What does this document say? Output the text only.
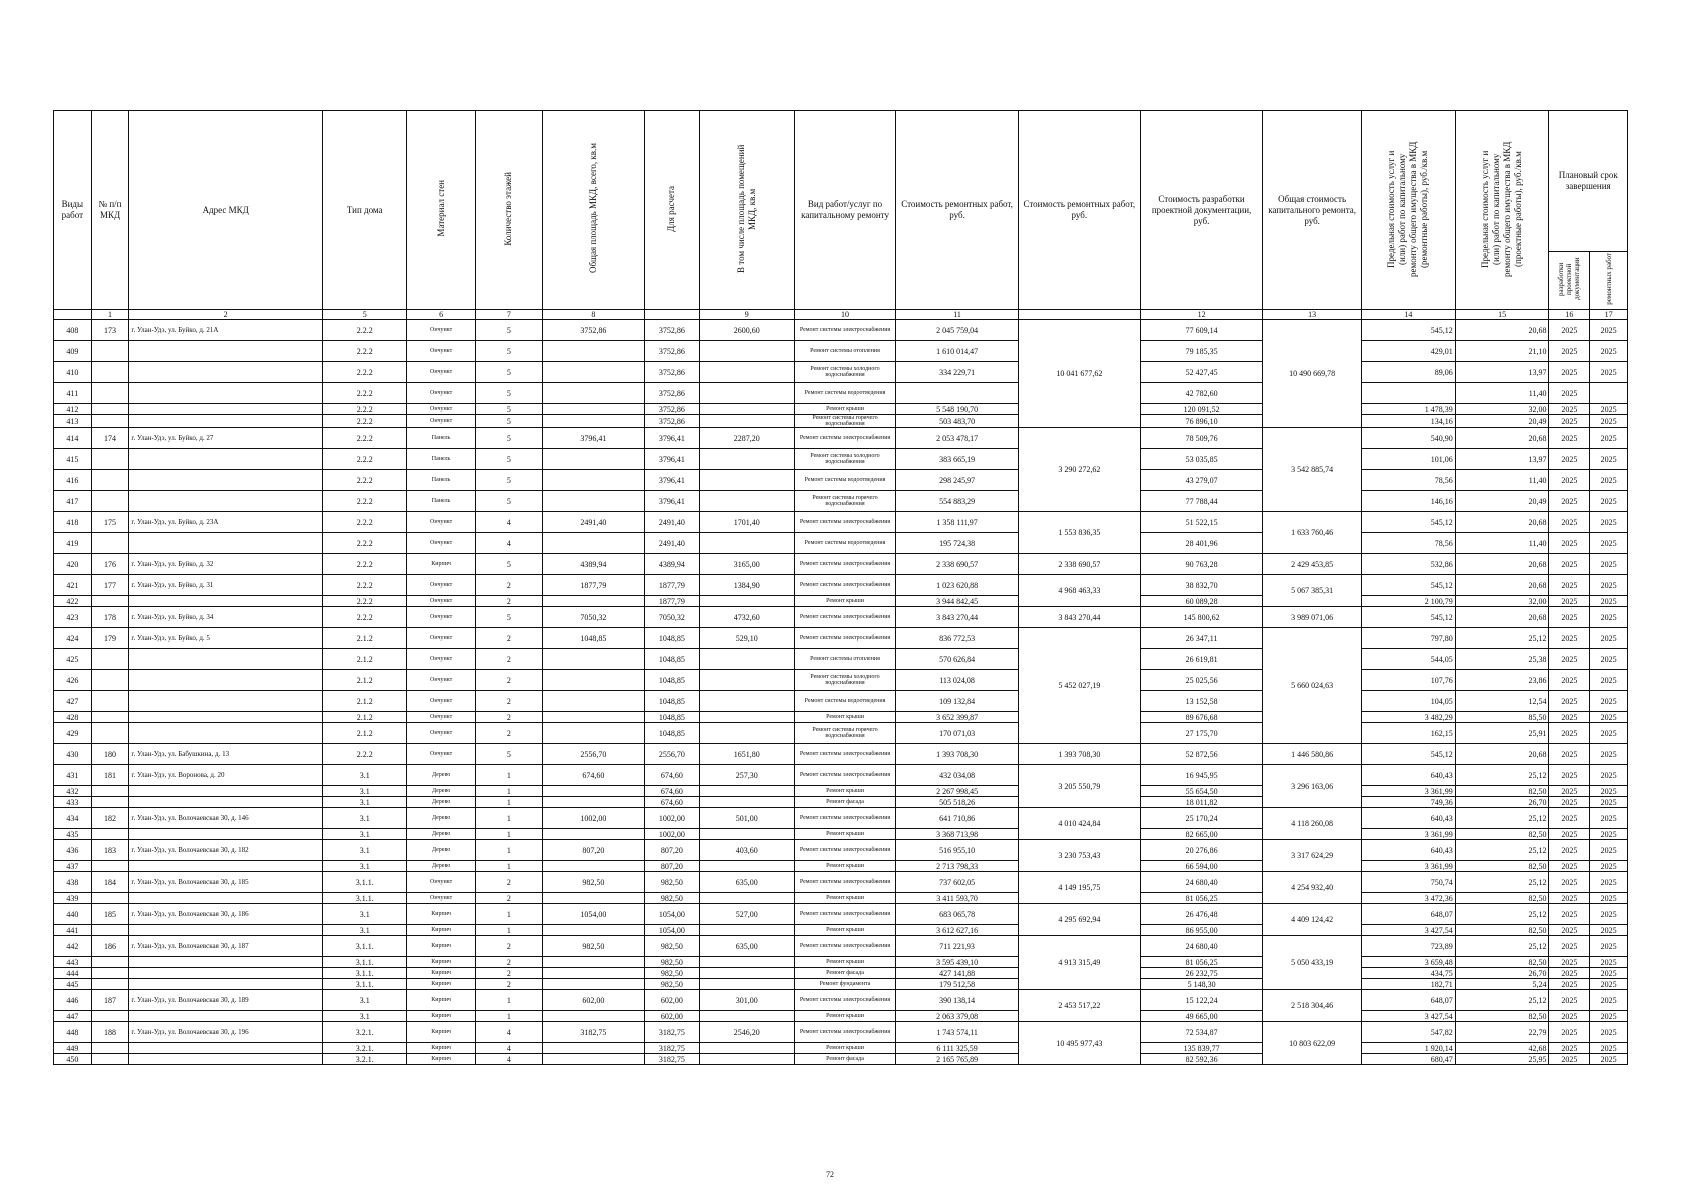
Виды работ	№ п/п МКД	Адрес МКД	Тип дома	Материал стен	Количество этажей	Общая площадь МКД, всего, кв.м	Для расчета	В том числе площадь помещений МКД, кв.м	Вид работ/услуг по капитальному ремонту	Стоимость ремонтных работ, руб.	Стоимость ремонтных работ, руб.	Стоимость разработки проектной документации, руб.	Общая стоимость капитального ремонта, руб.	Предельная стоимость услуг и (или) работ по капитальному ремонту общего имущества в МКД (ремонтные работы), руб./кв.м	Предельная стоимость услуг и (или) работ по капитальному ремонту общего имущества в МКД (проектные работы), руб./кв.м	Плановый срок завершения	
																разработки проектной документации	ремонтных работ
	1	2	5	6	7	8		9	10	11		12	13	14	15	16	17
408	173	г. Улан-Удэ, ул. Буйко, д. 21А	2.2.2	Ончункт	5	3752,86	3752,86	2600,60	Ремонт системы электроснабжения	2 045 759,04	10 041 677,62	77 609,14	10 490 669,78	545,12	20,68	2025	2025
409			2.2.2	Ончункт	5		3752,86		Ремонт системы отопления	1 610 014,47		79 185,35		429,01	21,10	2025	2025
410			2.2.2	Ончункт	5		3752,86		Ремонт системы холодного водоснабжения	334 229,71		52 427,45		89,06	13,97	2025	2025
411			2.2.2	Ончункт	5		3752,86		Ремонт системы водоотведения			42 782,60			11,40	2025	
412			2.2.2	Ончункт	5		3752,86		Ремонт крыши	5 548 190,70		120 091,52		1 478,39	32,00	2025	2025
413			2.2.2	Ончункт	5		3752,86		Ремонт системы горячего водоснабжения	503 483,70		76 896,10		134,16	20,49	2025	2025
414	174	г. Улан-Удэ, ул. Буйко, д. 27	2.2.2	Панель	5	3796,41	3796,41	2287,20	Ремонт системы электроснабжения	2 053 478,17	3 290 272,62	78 509,76	3 542 885,74	540,90	20,68	2025	2025
415			2.2.2	Панель	5		3796,41		Ремонт системы холодного водоснабжения	383 665,19		53 035,85		101,06	13,97	2025	2025
416			2.2.2	Панель	5		3796,41		Ремонт системы водоотведения	298 245,97		43 279,07		78,56	11,40	2025	2025
417			2.2.2	Панель	5		3796,41		Ремонт системы горячего водоснабжения	554 883,29		77 788,44		146,16	20,49	2025	2025
418	175	г. Улан-Удэ, ул. Буйко, д. 23А	2.2.2	Ончункт	4	2491,40	2491,40	1701,40	Ремонт системы электроснабжения	1 358 111,97	1 553 836,35	51 522,15	1 633 760,46	545,12	20,68	2025	2025
419			2.2.2	Ончункт	4		2491,40		Ремонт системы водоотведения	195 724,38		28 401,96		78,56	11,40	2025	2025
420	176	г. Улан-Удэ, ул. Буйко, д. 32	2.2.2	Кирпич	5	4389,94	4389,94	3165,00	Ремонт системы электроснабжения	2 338 690,57	2 338 690,57	90 763,28	2 429 453,85	532,86	20,68	2025	2025
421	177	г. Улан-Удэ, ул. Буйко, д. 31	2.2.2	Ончункт	2	1877,79	1877,79	1384,90	Ремонт системы электроснабжения	1 023 620,88	4 968 463,33	38 832,70	5 067 385,31	545,12	20,68	2025	2025
422			2.2.2	Ончункт	2		1877,79		Ремонт крыши	3 944 842,45		60 089,28		2 100,79	32,00	2025	2025
423	178	г. Улан-Удэ, ул. Буйко, д. 34	2.2.2	Ончункт	5	7050,32	7050,32	4732,60	Ремонт системы электроснабжения	3 843 270,44	3 843 270,44	145 800,62	3 989 071,06	545,12	20,68	2025	2025
424	179	г. Улан-Удэ, ул. Буйко, д. 5	2.1.2	Ончункт	2	1048,85	1048,85	529,10	Ремонт системы электроснабжения	836 772,53	5 452 027,19	26 347,11	5 660 024,63	797,80	25,12	2025	2025
425			2.1.2	Ончункт	2		1048,85		Ремонт системы отопления	570 626,84		26 619,81		544,05	25,38	2025	2025
426			2.1.2	Ончункт	2		1048,85		Ремонт системы холодного водоснабжения	113 024,08		25 025,56		107,76	23,86	2025	2025
427			2.1.2	Ончункт	2		1048,85		Ремонт системы водоотведения	109 132,84		13 152,58		104,05	12,54	2025	2025
428			2.1.2	Ончункт	2		1048,85		Ремонт крыши	3 652 399,87		89 676,68		3 482,29	85,50	2025	2025
429			2.1.2	Ончункт	2		1048,85		Ремонт системы горячего водоснабжения	170 071,03		27 175,70		162,15	25,91	2025	2025
430	180	г. Улан-Удэ, ул. Бабушкина, д. 13	2.2.2	Ончункт	5	2556,70	2556,70	1651,80	Ремонт системы электроснабжения	1 393 708,30	1 393 708,30	52 872,56	1 446 580,86	545,12	20,68	2025	2025
431	181	г. Улан-Удэ, ул. Воронова, д. 20	3.1	Дерево	1	674,60	674,60	257,30	Ремонт системы электроснабжения	432 034,08	3 205 550,79	16 945,95	3 296 163,06	640,43	25,12	2025	2025
432			3.1	Дерево	1		674,60		Ремонт крыши	2 267 998,45		55 654,50		3 361,99	82,50	2025	2025
433			3.1	Дерево	1		674,60		Ремонт фасада	505 518,26		18 011,82		749,36	26,70	2025	2025
434	182	г. Улан-Удэ, ул. Волочаевская 30, д. 146	3.1	Дерево	1	1002,00	1002,00	501,00	Ремонт системы электроснабжения	641 710,86	4 010 424,84	25 170,24	4 118 260,08	640,43	25,12	2025	2025
435			3.1	Дерево	1		1002,00		Ремонт крыши	3 368 713,98		82 665,00		3 361,99	82,50	2025	2025
436	183	г. Улан-Удэ, ул. Волочаевская 30, д. 182	3.1	Дерево	1	807,20	807,20	403,60	Ремонт системы электроснабжения	516 955,10	3 230 753,43	20 276,86	3 317 624,29	640,43	25,12	2025	2025
437			3.1	Дерево	1		807,20		Ремонт крыши	2 713 798,33		66 594,00		3 361,99	82,50	2025	2025
438	184	г. Улан-Удэ, ул. Волочаевская 30, д. 185	3.1.1.	Ончункт	2	982,50	982,50	635,00	Ремонт системы электроснабжения	737 602,05	4 149 195,75	24 680,40	4 254 932,40	750,74	25,12	2025	2025
439			3.1.1.	Ончункт	2		982,50		Ремонт крыши	3 411 593,70		81 056,25		3 472,36	82,50	2025	2025
440	185	г. Улан-Удэ, ул. Волочаевская 30, д. 186	3.1	Кирпич	1	1054,00	1054,00	527,00	Ремонт системы электроснабжения	683 065,78	4 295 692,94	26 476,48	4 409 124,42	648,07	25,12	2025	2025
441			3.1	Кирпич	1		1054,00		Ремонт крыши	3 612 627,16		86 955,00		3 427,54	82,50	2025	2025
442	186	г. Улан-Удэ, ул. Волочаевская 30, д. 187	3.1.1.	Кирпич	2	982,50	982,50	635,00	Ремонт системы электроснабжения	711 221,93	4 913 315,49	24 680,40	5 050 433,19	723,89	25,12	2025	2025
443			3.1.1.	Кирпич	2		982,50		Ремонт крыши	3 595 439,10		81 056,25		3 659,48	82,50	2025	2025
444			3.1.1.	Кирпич	2		982,50		Ремонт фасада	427 141,88		26 232,75		434,75	26,70	2025	2025
445			3.1.1.	Кирпич	2		982,50		Ремонт фундамента	179 512,58		5 148,30		182,71	5,24	2025	2025
446	187	г. Улан-Удэ, ул. Волочаевская 30, д. 189	3.1	Кирпич	1	602,00	602,00	301,00	Ремонт системы электроснабжения	390 138,14	2 453 517,22	15 122,24	2 518 304,46	648,07	25,12	2025	2025
447			3.1	Кирпич	1		602,00		Ремонт крыши	2 063 379,08		49 665,00		3 427,54	82,50	2025	2025
448	188	г. Улан-Удэ, ул. Волочаевская 30, д. 196	3.2.1.	Кирпич	4	3182,75	3182,75	2546,20	Ремонт системы электроснабжения	1 743 574,11	10 495 977,43	72 534,87	10 803 622,09	547,82	22,79	2025	2025
449			3.2.1.	Кирпич	4		3182,75		Ремонт крыши	6 111 325,59		135 839,77		1 920,14	42,68	2025	2025
450			3.2.1.	Кирпич	4		3182,75		Ремонт фасада	2 165 765,89		82 592,36		680,47	25,95	2025	2025
72
